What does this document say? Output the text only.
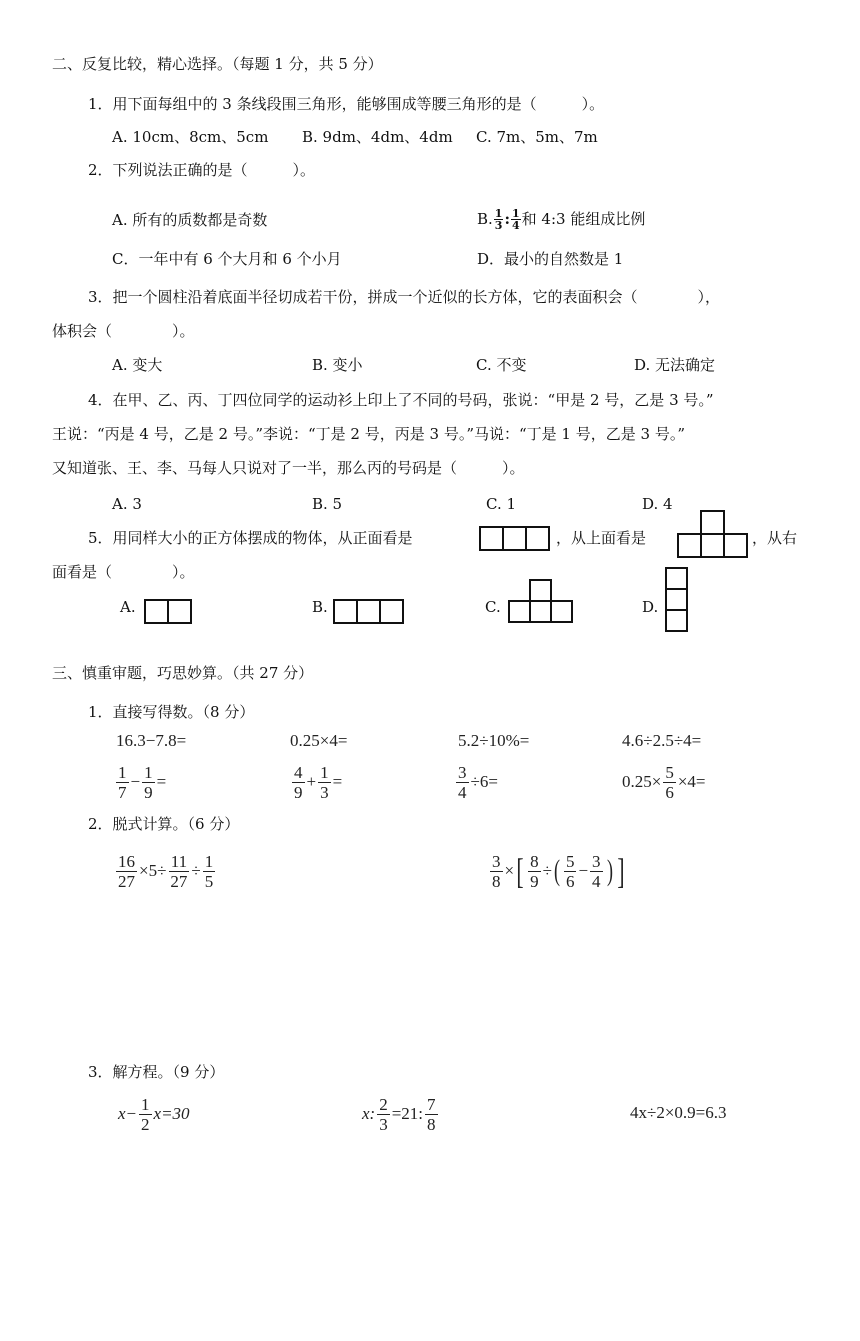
二、反复比较，精心选择。（每题 1 分，共 5 分）
1．用下面每组中的 3 条线段围三角形，能够围成等腰三角形的是（　　　）。
A. 10cm、8cm、5cm B. 9dm、4dm、4dm C. 7m、5m、7m
2．下列说法正确的是（　　　）。
A. 所有的质数都是奇数	B. 1
3 : 1
4 和 4:3 能组成比例
C．一年中有 6 个大月和 6 个小月	D．最小的自然数是 1
3．把一个圆柱沿着底面半径切成若干份，拼成一个近似的长方体，它的表面积会（　　　　），
体积会（　　　　）。
A. 变大	B. 变小	C. 不变	D. 无法确定
4．在甲、乙、丙、丁四位同学的运动衫上印上了不同的号码，张说：“甲是 2 号，乙是 3 号。”
王说：“丙是 4 号，乙是 2 号。”李说：“丁是 2 号，丙是 3 号。”马说：“丁是 1 号，乙是 3 号。”
又知道张、王、李、马每人只说对了一半，那么丙的号码是（　　　）。
A. 3	B. 5	C. 1	D. 4
5．用同样大小的正方体摆成的物体，从正面看是	，从上面看是	，从右
面看是（　　　　）。
A.	B.	C.	D.
三、慎重审题，巧思妙算。（共 27 分）
1．直接写得数。（8 分）
16.3−7.8=	0.25×4=	5.2÷10%=	4.6÷2.5÷4=
$\frac{1}{7} - \frac{1}{9}$ =	$\frac{4}{9} + \frac{1}{3}$ =	$\frac{3}{4} \div 6=$	$0.25\times \frac{5}{6} \times 4=$
2．脱式计算。（6 分）
$\frac{16}{27} \times 5\div \frac{11}{27} \div \frac{1}{5}$	$\frac{3}{8}$ × [ $\frac{8}{9}$ ÷ ( $\frac{5}{6} - \frac{3}{4}$ ) ]
3．解方程。（9 分）
$x- \frac{1}{2} x=30$	x: $\frac{2}{3} =21$: $\frac{7}{8}$	4x÷2×0.9=6.3
